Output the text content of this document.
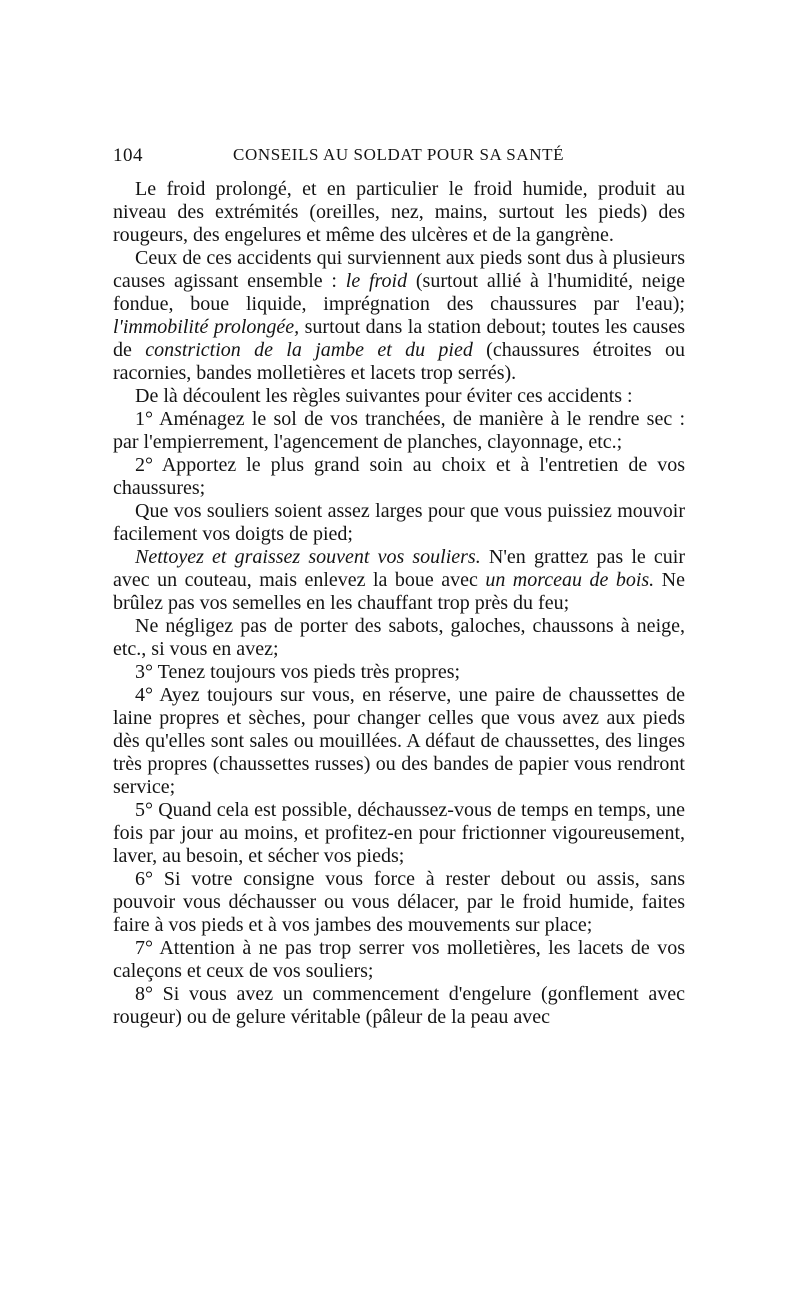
104	CONSEILS AU SOLDAT POUR SA SANTÉ

Le froid prolongé, et en particulier le froid humide, produit au niveau des extrémités (oreilles, nez, mains, surtout les pieds) des rougeurs, des engelures et même des ulcères et de la gangrène.

Ceux de ces accidents qui surviennent aux pieds sont dus à plusieurs causes agissant ensemble : le froid (surtout allié à l'humidité, neige fondue, boue liquide, imprégnation des chaussures par l'eau); l'immobilité prolongée, surtout dans la station debout; toutes les causes de constriction de la jambe et du pied (chaussures étroites ou racornies, bandes molletières et lacets trop serrés).

De là découlent les règles suivantes pour éviter ces accidents :

1° Aménagez le sol de vos tranchées, de manière à le rendre sec : par l'empierrement, l'agencement de planches, clayonnage, etc.;

2° Apportez le plus grand soin au choix et à l'entretien de vos chaussures;

Que vos souliers soient assez larges pour que vous puissiez mouvoir facilement vos doigts de pied;

Nettoyez et graissez souvent vos souliers. N'en grattez pas le cuir avec un couteau, mais enlevez la boue avec un morceau de bois. Ne brûlez pas vos semelles en les chauffant trop près du feu;

Ne négligez pas de porter des sabots, galoches, chaussons à neige, etc., si vous en avez;

3° Tenez toujours vos pieds très propres;

4° Ayez toujours sur vous, en réserve, une paire de chaussettes de laine propres et sèches, pour changer celles que vous avez aux pieds dès qu'elles sont sales ou mouillées. A défaut de chaussettes, des linges très propres (chaussettes russes) ou des bandes de papier vous rendront service;

5° Quand cela est possible, déchaussez-vous de temps en temps, une fois par jour au moins, et profitez-en pour frictionner vigoureusement, laver, au besoin, et sécher vos pieds;

6° Si votre consigne vous force à rester debout ou assis, sans pouvoir vous déchausser ou vous délacer, par le froid humide, faites faire à vos pieds et à vos jambes des mouvements sur place;

7° Attention à ne pas trop serrer vos molletières, les lacets de vos caleçons et ceux de vos souliers;

8° Si vous avez un commencement d'engelure (gonflement avec rougeur) ou de gelure véritable (pâleur de la peau avec
